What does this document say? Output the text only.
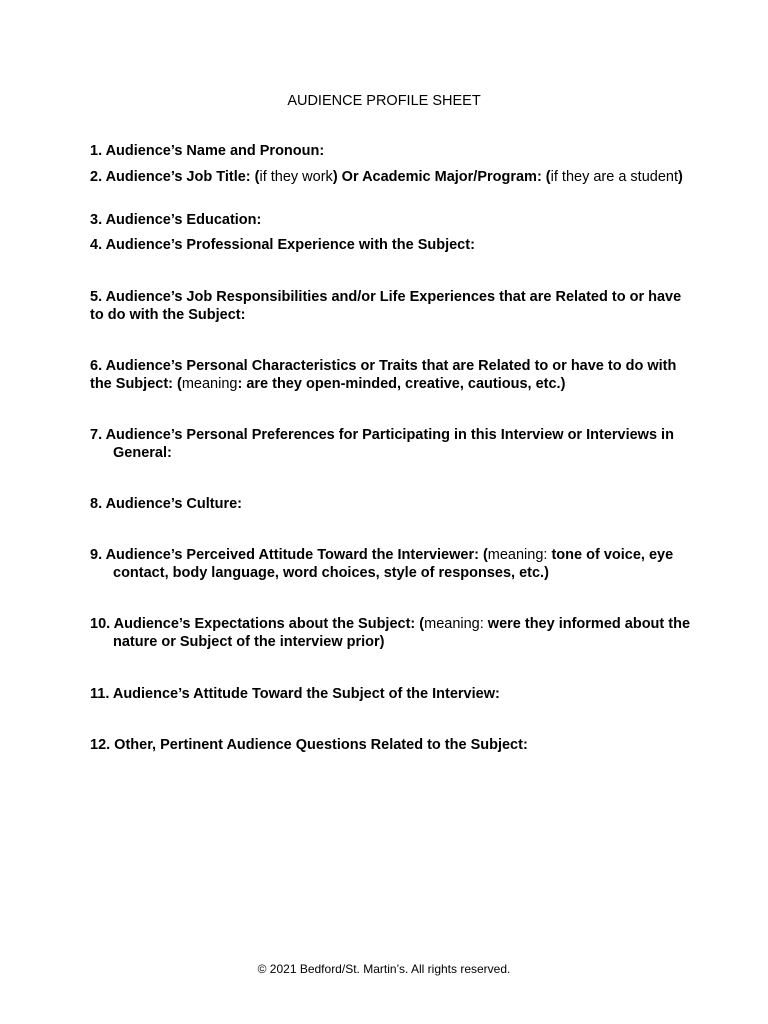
AUDIENCE PROFILE SHEET
1. Audience’s Name and Pronoun:
2. Audience’s Job Title: (if they work) Or Academic Major/Program: (if they are a student)
3. Audience’s Education:
4. Audience’s Professional Experience with the Subject:
5. Audience’s Job Responsibilities and/or Life Experiences that are Related to or have to do with the Subject:
6. Audience’s Personal Characteristics or Traits that are Related to or have to do with the Subject: (meaning: are they open-minded, creative, cautious, etc.)
7. Audience’s Personal Preferences for Participating in this Interview or Interviews in General:
8. Audience’s Culture:
9. Audience’s Perceived Attitude Toward the Interviewer: (meaning: tone of voice, eye contact, body language, word choices, style of responses, etc.)
10. Audience’s Expectations about the Subject: (meaning: were they informed about the nature or Subject of the interview prior)
11. Audience’s Attitude Toward the Subject of the Interview:
12. Other, Pertinent Audience Questions Related to the Subject:
© 2021 Bedford/St. Martin’s. All rights reserved.
